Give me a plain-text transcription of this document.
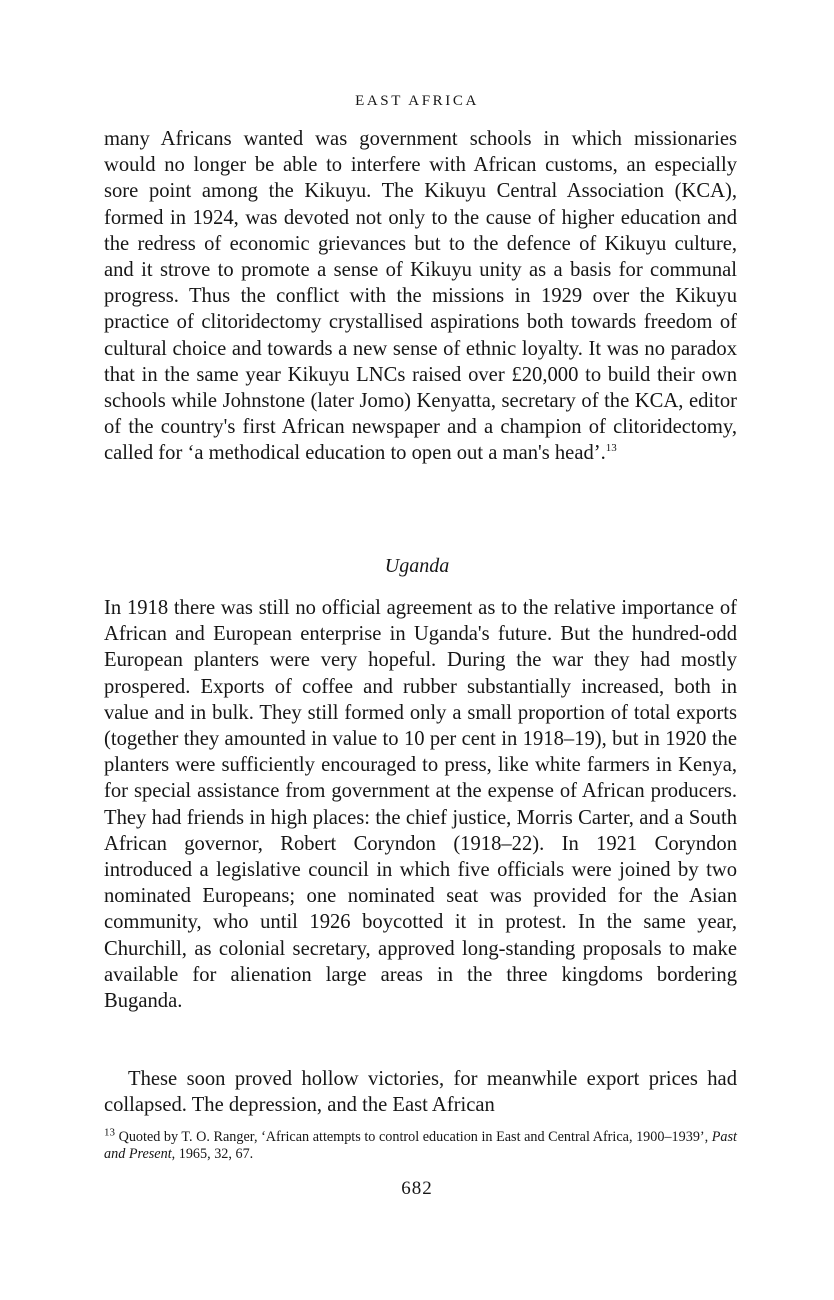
EAST AFRICA

many Africans wanted was government schools in which missionaries would no longer be able to interfere with African customs, an especially sore point among the Kikuyu. The Kikuyu Central Association (KCA), formed in 1924, was devoted not only to the cause of higher education and the redress of economic grievances but to the defence of Kikuyu culture, and it strove to promote a sense of Kikuyu unity as a basis for communal progress. Thus the conflict with the missions in 1929 over the Kikuyu practice of clitoridectomy crystallised aspirations both towards freedom of cultural choice and towards a new sense of ethnic loyalty. It was no paradox that in the same year Kikuyu LNCs raised over £20,000 to build their own schools while Johnstone (later Jomo) Kenyatta, secretary of the KCA, editor of the country's first African newspaper and a champion of clitoridectomy, called for ‘a methodical education to open out a man's head’.$^{13}$

Uganda

In 1918 there was still no official agreement as to the relative importance of African and European enterprise in Uganda's future. But the hundred-odd European planters were very hopeful. During the war they had mostly prospered. Exports of coffee and rubber substantially increased, both in value and in bulk. They still formed only a small proportion of total exports (together they amounted in value to 10 per cent in 1918–19), but in 1920 the planters were sufficiently encouraged to press, like white farmers in Kenya, for special assistance from government at the expense of African producers. They had friends in high places: the chief justice, Morris Carter, and a South African governor, Robert Coryndon (1918–22). In 1921 Coryndon introduced a legislative council in which five officials were joined by two nominated Europeans; one nominated seat was provided for the Asian community, who until 1926 boycotted it in protest. In the same year, Churchill, as colonial secretary, approved long-standing proposals to make available for alienation large areas in the three kingdoms bordering Buganda.

These soon proved hollow victories, for meanwhile export prices had collapsed. The depression, and the East African

$^{13}$ Quoted by T. O. Ranger, ‘African attempts to control education in East and Central Africa, 1900–1939’, Past and Present, 1965, 32, 67.

682
